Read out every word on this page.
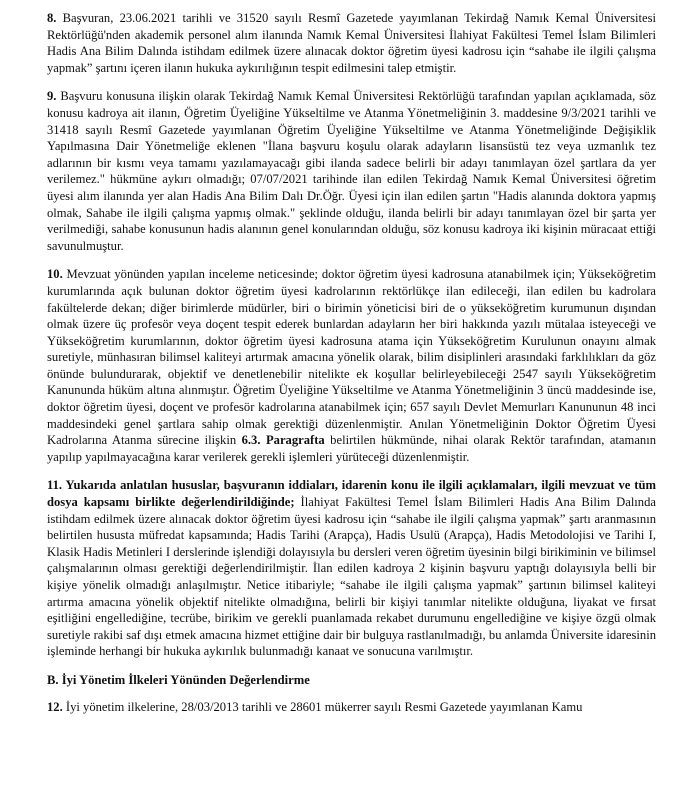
8. Başvuran, 23.06.2021 tarihli ve 31520 sayılı Resmî Gazetede yayımlanan Tekirdağ Namık Kemal Üniversitesi Rektörlüğü'nden akademik personel alım ilanında Namık Kemal Üniversitesi İlahiyat Fakültesi Temel İslam Bilimleri Hadis Ana Bilim Dalında istihdam edilmek üzere alınacak doktor öğretim üyesi kadrosu için “sahabe ile ilgili çalışma yapmak” şartını içeren ilanın hukuka aykırılığının tespit edilmesini talep etmiştir.

9. Başvuru konusuna ilişkin olarak Tekirdağ Namık Kemal Üniversitesi Rektörlüğü tarafından yapılan açıklamada, söz konusu kadroya ait ilanın, Öğretim Üyeliğine Yükseltilme ve Atanma Yönetmeliğinin 3. maddesine 9/3/2021 tarihli ve 31418 sayılı Resmî Gazetede yayımlanan Öğretim Üyeliğine Yükseltilme ve Atanma Yönetmeliğinde Değişiklik Yapılmasına Dair Yönetmeliğe eklenen "İlana başvuru koşulu olarak adayların lisansüstü tez veya uzmanlık tez adlarının bir kısmı veya tamamı yazılamayacağı gibi ilanda sadece belirli bir adayı tanımlayan özel şartlara da yer verilemez." hükmüne aykırı olmadığı; 07/07/2021 tarihinde ilan edilen Tekirdağ Namık Kemal Üniversitesi öğretim üyesi alım ilanında yer alan Hadis Ana Bilim Dalı Dr.Öğr. Üyesi için ilan edilen şartın "Hadis alanında doktora yapmış olmak, Sahabe ile ilgili çalışma yapmış olmak." şeklinde olduğu, ilanda belirli bir adayı tanımlayan özel bir şarta yer verilmediği, sahabe konusunun hadis alanının genel konularından olduğu, söz konusu kadroya iki kişinin müracaat ettiği savunulmuştur.

10. Mevzuat yönünden yapılan inceleme neticesinde; doktor öğretim üyesi kadrosuna atanabilmek için; Yükseköğretim kurumlarında açık bulunan doktor öğretim üyesi kadrolarının rektörlükçe ilan edileceği, ilan edilen bu kadrolara fakültelerde dekan; diğer birimlerde müdürler, biri o birimin yöneticisi biri de o yükseköğretim kurumunun dışından olmak üzere üç profesör veya doçent tespit ederek bunlardan adayların her biri hakkında yazılı mütalaa isteyeceği ve Yükseköğretim kurumlarının, doktor öğretim üyesi kadrosuna atama için Yükseköğretim Kurulunun onayını almak suretiyle, münhasıran bilimsel kaliteyi artırmak amacına yönelik olarak, bilim disiplinleri arasındaki farklılıkları da göz önünde bulundurarak, objektif ve denetlenebilir nitelikte ek koşullar belirleyebileceği 2547 sayılı Yükseköğretim Kanununda hüküm altına alınmıştır. Öğretim Üyeliğine Yükseltilme ve Atanma Yönetmeliğinin 3 üncü maddesinde ise, doktor öğretim üyesi, doçent ve profesör kadrolarına atanabilmek için; 657 sayılı Devlet Memurları Kanununun 48 inci maddesindeki genel şartlara sahip olmak gerektiği düzenlenmiştir. Anılan Yönetmeliğinin Doktor Öğretim Üyesi Kadrolarına Atanma sürecine ilişkin 6.3. Paragrafta belirtilen hükmünde, nihai olarak Rektör tarafından, atamanın yapılıp yapılmayacağına karar verilerek gerekli işlemleri yürüteceği düzenlenmiştir.

11. Yukarıda anlatılan hususlar, başvuranın iddiaları, idarenin konu ile ilgili açıklamaları, ilgili mevzuat ve tüm dosya kapsamı birlikte değerlendirildiğinde; İlahiyat Fakültesi Temel İslam Bilimleri Hadis Ana Bilim Dalında istihdam edilmek üzere alınacak doktor öğretim üyesi kadrosu için “sahabe ile ilgili çalışma yapmak” şartı aranmasının belirtilen hususta müfredat kapsamında; Hadis Tarihi (Arapça), Hadis Usulü (Arapça), Hadis Metodolojisi ve Tarihi I, Klasik Hadis Metinleri I derslerinde işlendiği dolayısıyla bu dersleri veren öğretim üyesinin bilgi birikiminin ve bilimsel çalışmalarının olması gerektiği değerlendirilmiştir. İlan edilen kadroya 2 kişinin başvuru yaptığı dolayısıyla belli bir kişiye yönelik olmadığı anlaşılmıştır. Netice itibariyle; “sahabe ile ilgili çalışma yapmak” şartının bilimsel kaliteyi artırma amacına yönelik objektif nitelikte olmadığına, belirli bir kişiyi tanımlar nitelikte olduğuna, liyakat ve fırsat eşitliğini engellediğine, tecrübe, birikim ve gerekli puanlamada rekabet durumunu engellediğine ve kişiye özgü olmak suretiyle rakibi saf dışı etmek amacına hizmet ettiğine dair bir bulguya rastlanılmadığı, bu anlamda Üniversite idaresinin işleminde herhangi bir hukuka aykırılık bulunmadığı kanaat ve sonucuna varılmıştır.

B. İyi Yönetim İlkeleri Yönünden Değerlendirme

12. İyi yönetim ilkelerine, 28/03/2013 tarihli ve 28601 mükerrer sayılı Resmi Gazetede yayımlanan Kamu
